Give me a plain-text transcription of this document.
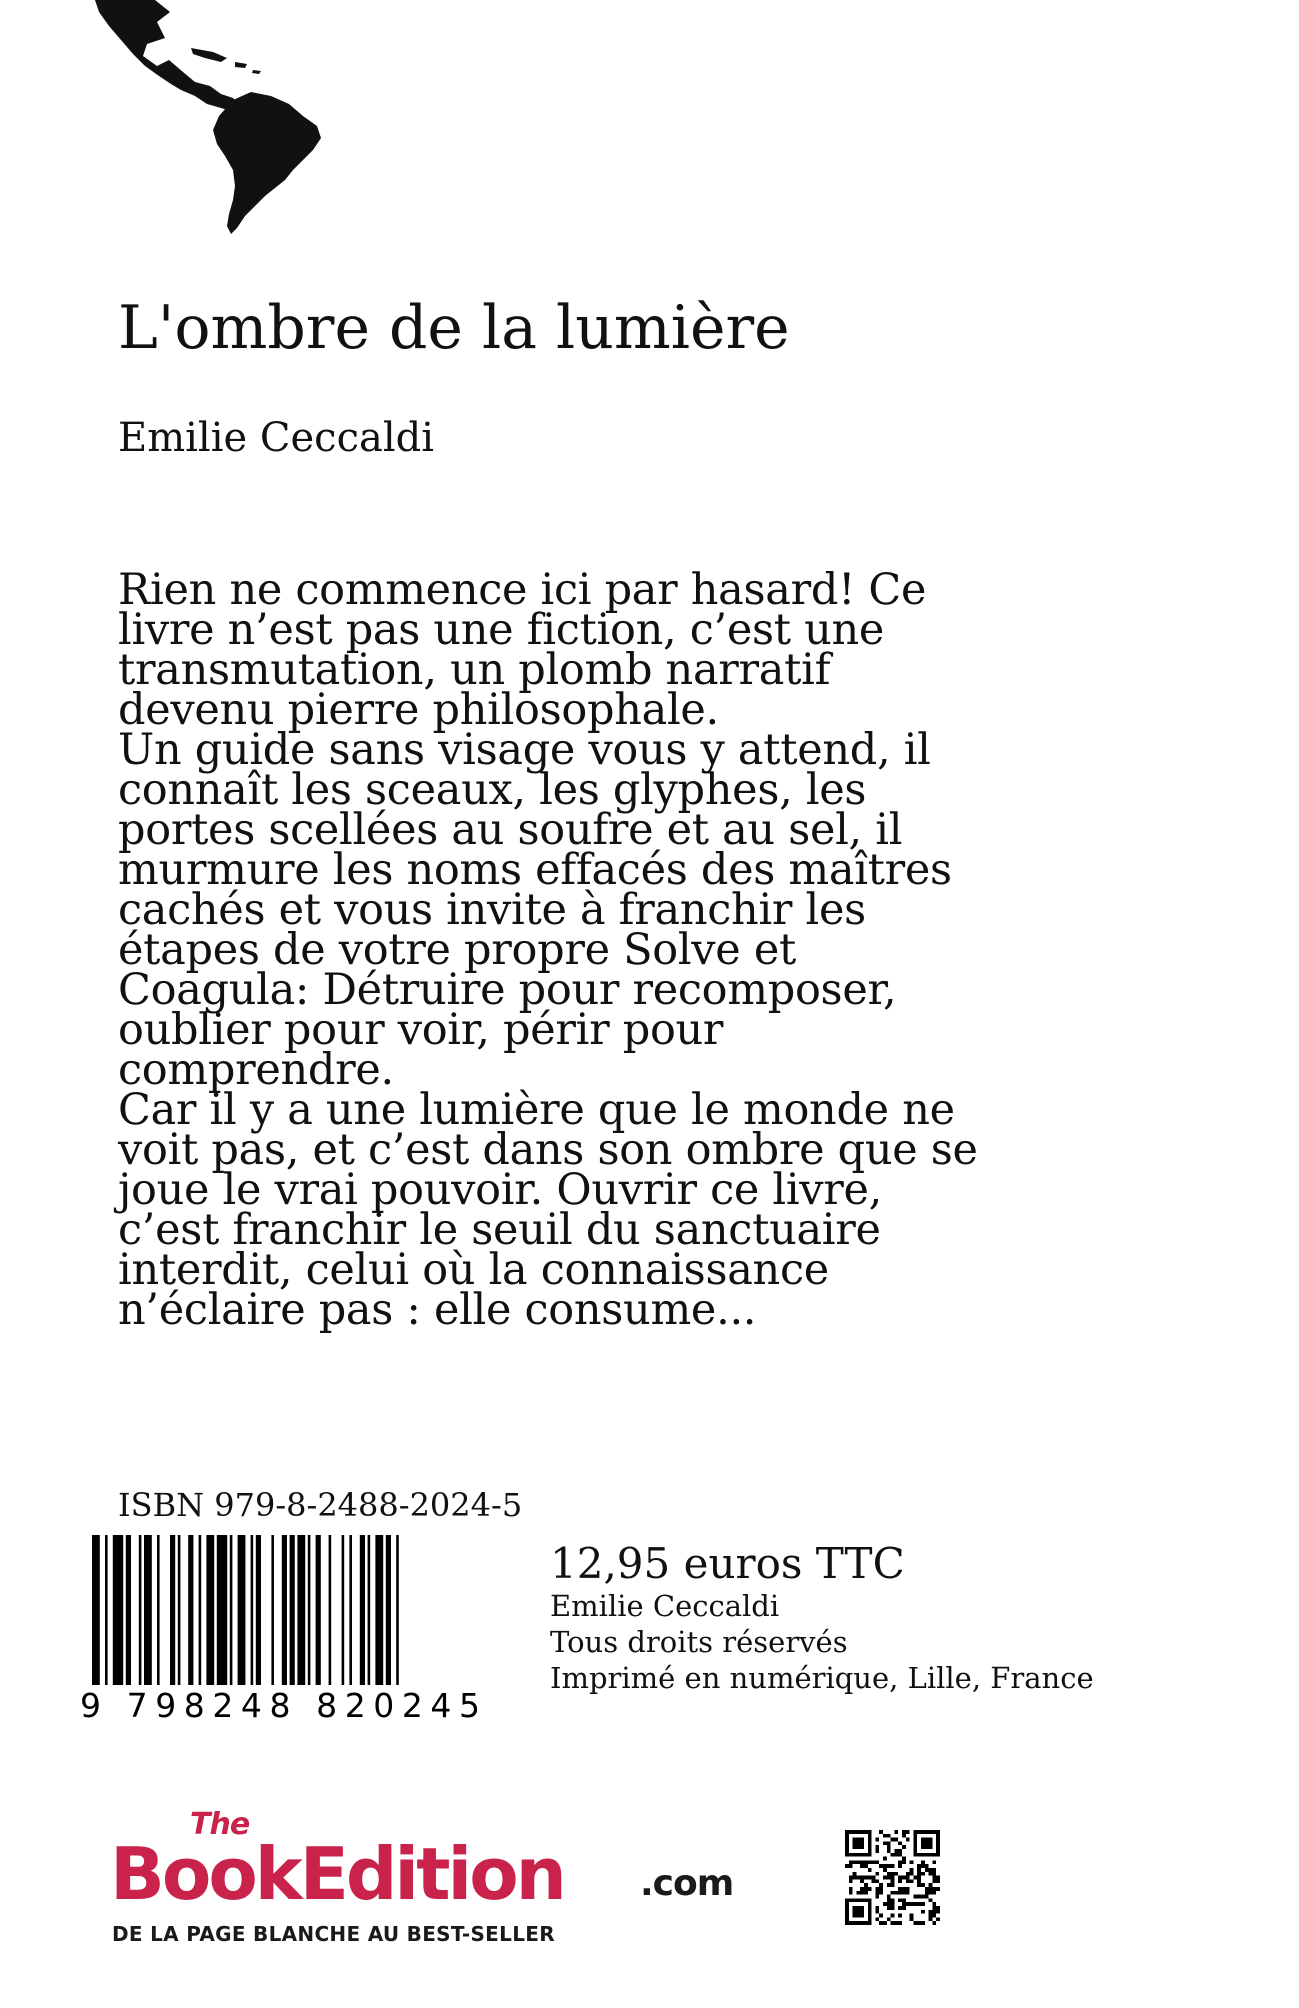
L'ombre de la lumière
Emilie Ceccaldi
Rien ne commence ici par hasard! Ce
livre n’est pas une fiction, c’est une
transmutation, un plomb narratif
devenu pierre philosophale.
Un guide sans visage vous y attend, il
connaît les sceaux, les glyphes, les
portes scellées au soufre et au sel, il
murmure les noms effacés des maîtres
cachés et vous invite à franchir les
étapes de votre propre Solve et
Coagula: Détruire pour recomposer,
oublier pour voir, périr pour
comprendre.
Car il y a une lumière que le monde ne
voit pas, et c’est dans son ombre que se
joue le vrai pouvoir. Ouvrir ce livre,
c’est franchir le seuil du sanctuaire
interdit, celui où la connaissance
n’éclaire pas : elle consume...
ISBN 979-8-2488-2024-5
9 798248 820245
12,95 euros TTC
Emilie Ceccaldi
Tous droits réservés
Imprimé en numérique, Lille, France
The
BookEdition .com
DE LA PAGE BLANCHE AU BEST-SELLER
